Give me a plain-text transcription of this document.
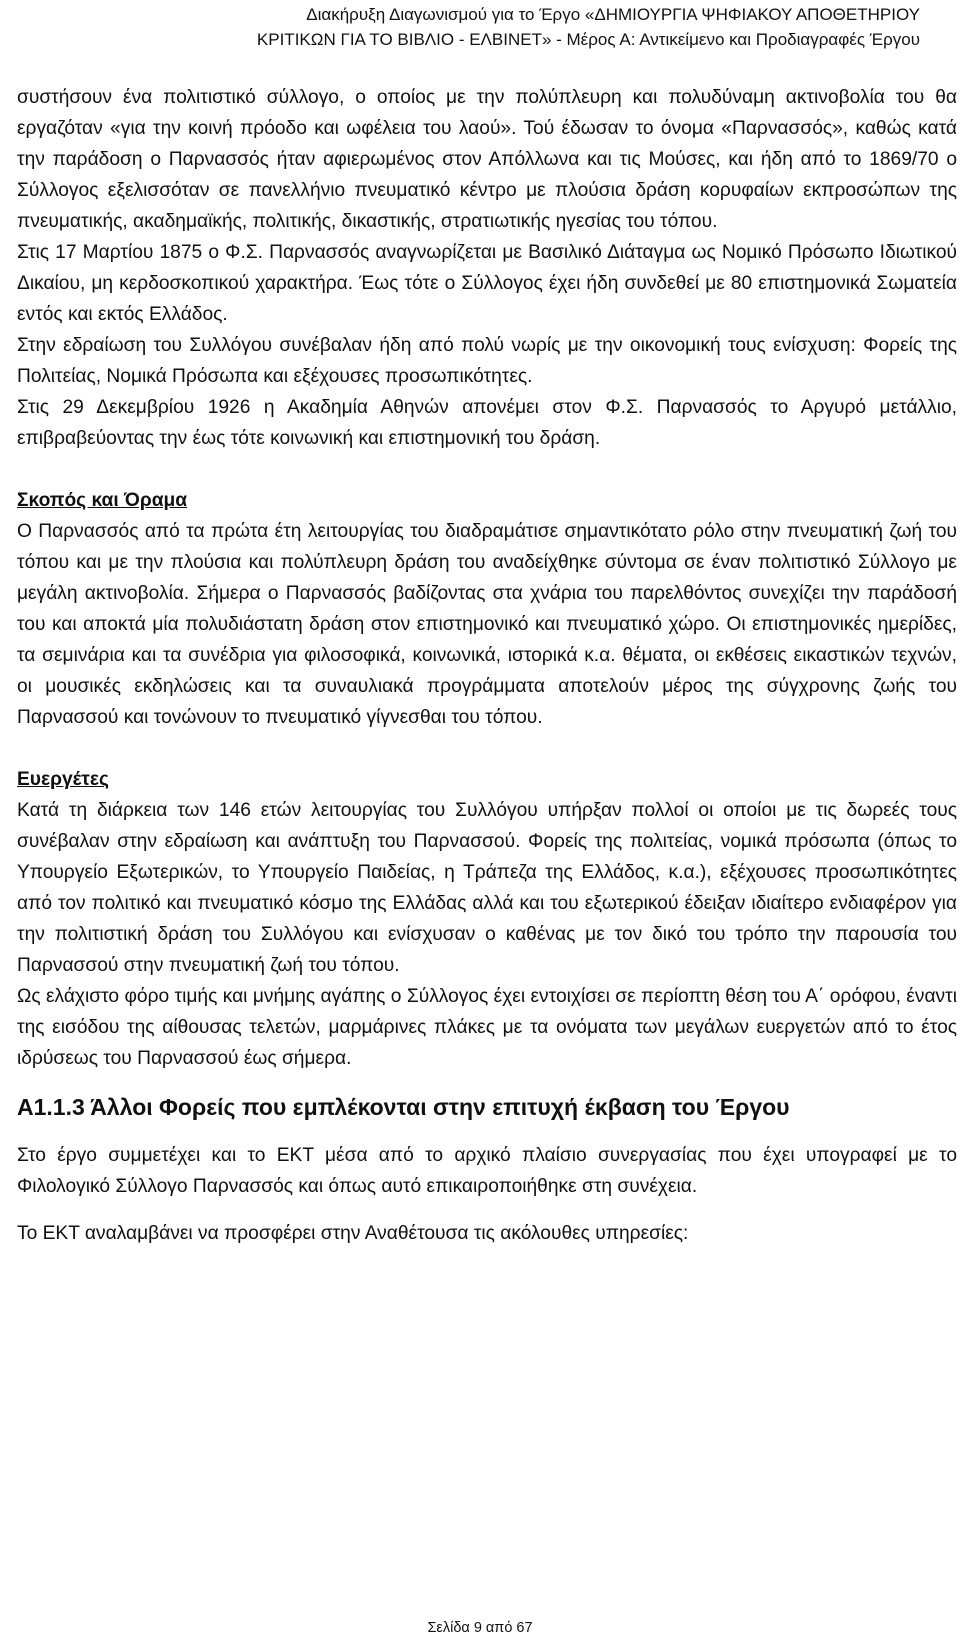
Διακήρυξη Διαγωνισμού για το Έργο «ΔΗΜΙΟΥΡΓΙΑ ΨΗΦΙΑΚΟΥ ΑΠΟΘΕΤΗΡΙΟΥ
ΚΡΙΤΙΚΩΝ ΓΙΑ ΤΟ ΒΙΒΛΙΟ - ΕΛΒΙΝΕΤ» - Μέρος Α: Αντικείμενο και Προδιαγραφές Έργου

συστήσουν ένα πολιτιστικό σύλλογο, ο οποίος με την πολύπλευρη και πολυδύναμη ακτινοβολία του θα εργαζόταν «για την κοινή πρόοδο και ωφέλεια του λαού». Τού έδωσαν το όνομα «Παρνασσός», καθώς κατά την παράδοση ο Παρνασσός ήταν αφιερωμένος στον Απόλλωνα και τις Μούσες, και ήδη από το 1869/70 ο Σύλλογος εξελισσόταν σε πανελλήνιο πνευματικό κέντρο με πλούσια δράση κορυφαίων εκπροσώπων της πνευματικής, ακαδημαϊκής, πολιτικής, δικαστικής, στρατιωτικής ηγεσίας του τόπου.

Στις 17 Μαρτίου 1875 ο Φ.Σ. Παρνασσός αναγνωρίζεται με Βασιλικό Διάταγμα ως Νομικό Πρόσωπο Ιδιωτικού Δικαίου, μη κερδοσκοπικού χαρακτήρα. Έως τότε ο Σύλλογος έχει ήδη συνδεθεί με 80 επιστημονικά Σωματεία εντός και εκτός Ελλάδος.

Στην εδραίωση του Συλλόγου συνέβαλαν ήδη από πολύ νωρίς με την οικονομική τους ενίσχυση: Φορείς της Πολιτείας, Νομικά Πρόσωπα και εξέχουσες προσωπικότητες.

Στις 29 Δεκεμβρίου 1926 η Ακαδημία Αθηνών απονέμει στον Φ.Σ. Παρνασσός το Αργυρό μετάλλιο, επιβραβεύοντας την έως τότε κοινωνική και επιστημονική του δράση.

Σκοπός και Όραμα

Ο Παρνασσός από τα πρώτα έτη λειτουργίας του διαδραμάτισε σημαντικότατο ρόλο στην πνευματική ζωή του τόπου και με την πλούσια και πολύπλευρη δράση του αναδείχθηκε σύντομα σε έναν πολιτιστικό Σύλλογο με μεγάλη ακτινοβολία. Σήμερα ο Παρνασσός βαδίζοντας στα χνάρια του παρελθόντος συνεχίζει την παράδοσή του και αποκτά μία πολυδιάστατη δράση στον επιστημονικό και πνευματικό χώρο. Οι επιστημονικές ημερίδες, τα σεμινάρια και τα συνέδρια για φιλοσοφικά, κοινωνικά, ιστορικά κ.α. θέματα, οι εκθέσεις εικαστικών τεχνών, οι μουσικές εκδηλώσεις και τα συναυλιακά προγράμματα αποτελούν μέρος της σύγχρονης ζωής του Παρνασσού και τονώνουν το πνευματικό γίγνεσθαι του τόπου.

Ευεργέτες

Κατά τη διάρκεια των 146 ετών λειτουργίας του Συλλόγου υπήρξαν πολλοί οι οποίοι με τις δωρεές τους συνέβαλαν στην εδραίωση και ανάπτυξη του Παρνασσού. Φορείς της πολιτείας, νομικά πρόσωπα (όπως το Υπουργείο Εξωτερικών, το Υπουργείο Παιδείας, η Τράπεζα της Ελλάδος, κ.α.), εξέχουσες προσωπικότητες από τον πολιτικό και πνευματικό κόσμο της Ελλάδας αλλά και του εξωτερικού έδειξαν ιδιαίτερο ενδιαφέρον για την πολιτιστική δράση του Συλλόγου και ενίσχυσαν ο καθένας με τον δικό του τρόπο την παρουσία του Παρνασσού στην πνευματική ζωή του τόπου.

Ως ελάχιστο φόρο τιμής και μνήμης αγάπης ο Σύλλογος έχει εντοιχίσει σε περίοπτη θέση του Α΄ ορόφου, έναντι της εισόδου της αίθουσας τελετών, μαρμάρινες πλάκες με τα ονόματα των μεγάλων ευεργετών από το έτος ιδρύσεως του Παρνασσού έως σήμερα.

Α1.1.3 Άλλοι Φορείς που εμπλέκονται στην επιτυχή έκβαση του Έργου

Στο έργο συμμετέχει και το ΕΚΤ μέσα από το αρχικό πλαίσιο συνεργασίας που έχει υπογραφεί με το Φιλολογικό Σύλλογο Παρνασσός και όπως αυτό επικαιροποιήθηκε στη συνέχεια.

Το ΕΚΤ αναλαμβάνει να προσφέρει στην Αναθέτουσα τις ακόλουθες υπηρεσίες:

Σελίδα 9 από 67
